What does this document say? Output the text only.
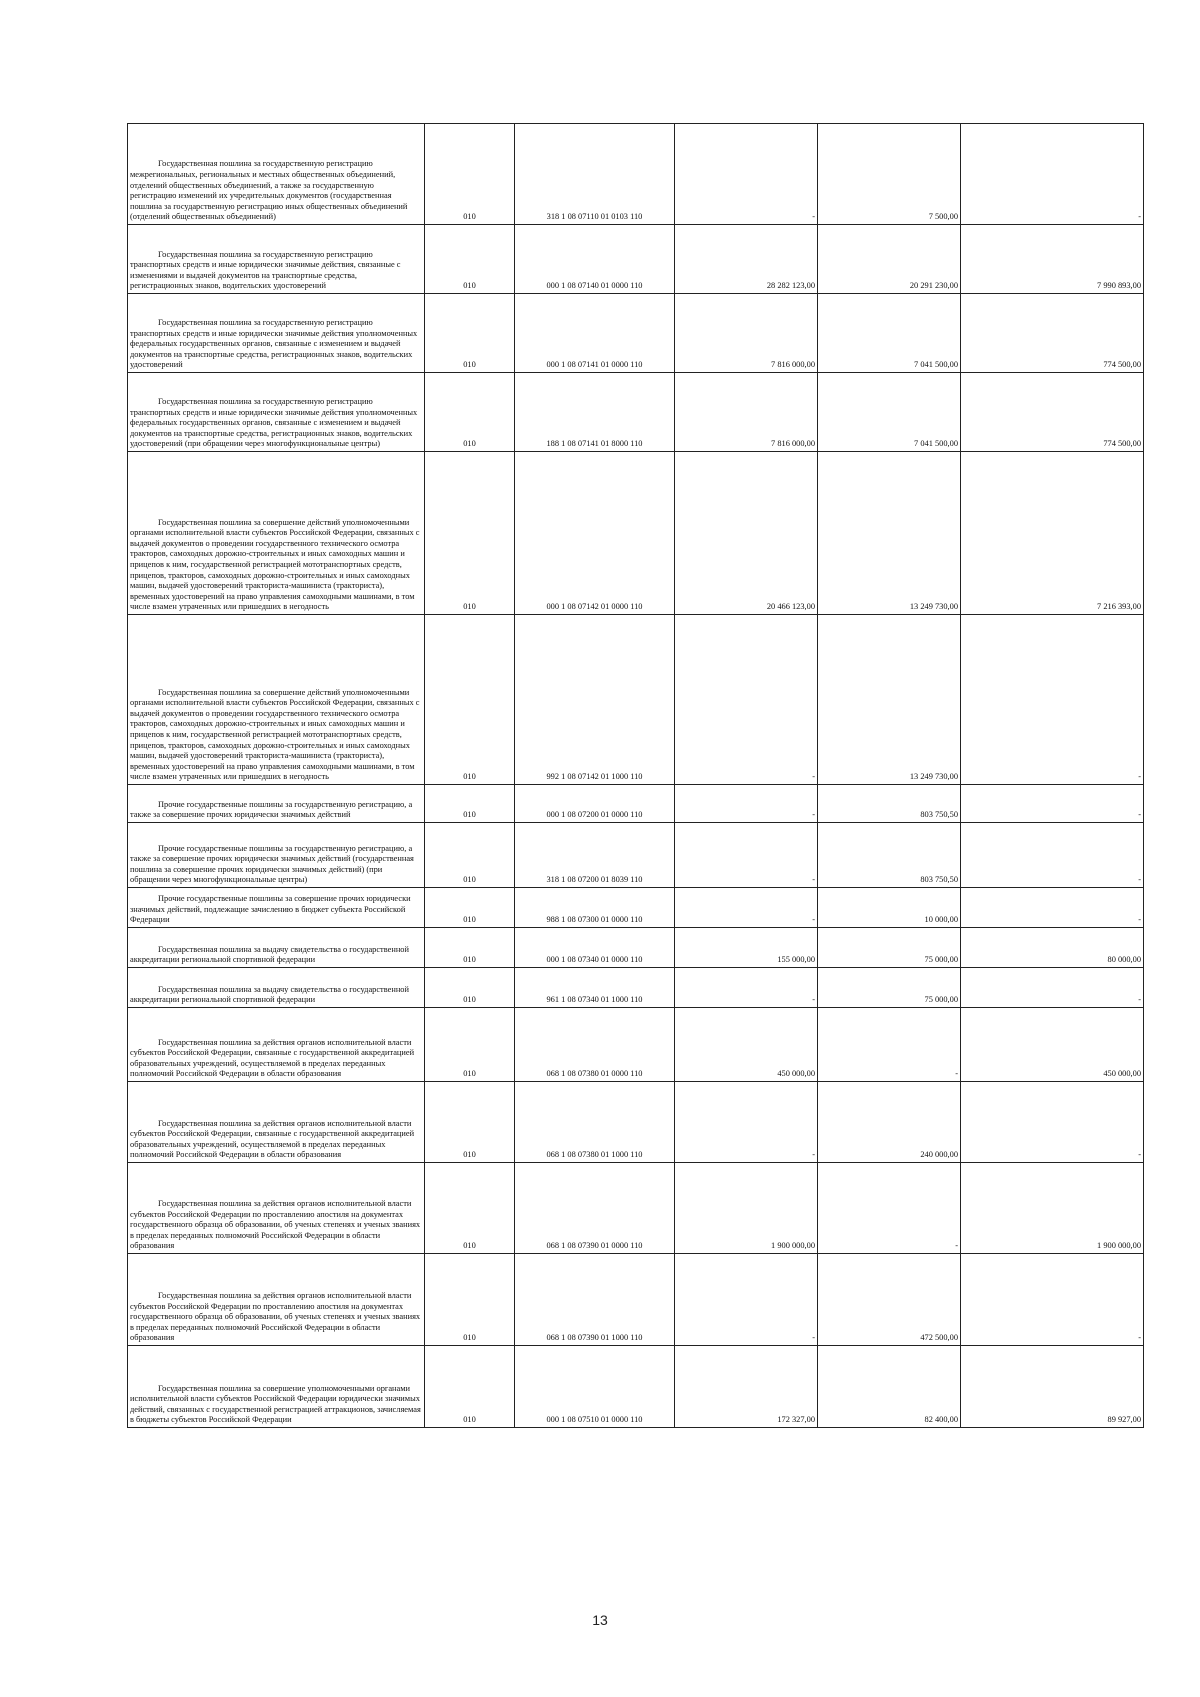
Государственная пошлина за государственную регистрацию межрегиональных, региональных и местных общественных объединений, отделений общественных объединений, а также за государственную регистрацию изменений их учредительных документов (государственная пошлина за государственную регистрацию иных общественных объединений (отделений общественных объединений)	010	318 1 08 07110 01 0103 110	-	7 500,00	-

Государственная пошлина за государственную регистрацию транспортных средств и иные юридически значимые действия, связанные с изменениями и выдачей документов на транспортные средства, регистрационных знаков, водительских удостоверений	010	000 1 08 07140 01 0000 110	28 282 123,00	20 291 230,00	7 990 893,00

Государственная пошлина за государственную регистрацию транспортных средств и иные юридически значимые действия уполномоченных федеральных государственных органов, связанные с изменением и выдачей документов на транспортные средства, регистрационных знаков, водительских удостоверений	010	000 1 08 07141 01 0000 110	7 816 000,00	7 041 500,00	774 500,00

Государственная пошлина за государственную регистрацию транспортных средств и иные юридически значимые действия уполномоченных федеральных государственных органов, связанные с изменением и выдачей документов на транспортные средства, регистрационных знаков, водительских удостоверений (при обращении через многофункциональные центры)	010	188 1 08 07141 01 8000 110	7 816 000,00	7 041 500,00	774 500,00

Государственная пошлина за совершение действий уполномоченными органами исполнительной власти субъектов Российской Федерации, связанных с выдачей документов о проведении государственного технического осмотра тракторов, самоходных дорожно-строительных и иных самоходных машин и прицепов к ним, государственной регистрацией мототранспортных средств, прицепов, тракторов, самоходных дорожно-строительных и иных самоходных машин, выдачей удостоверений тракториста-машиниста (тракториста), временных удостоверений на право управления самоходными машинами, в том числе взамен утраченных или пришедших в негодность	010	000 1 08 07142 01 0000 110	20 466 123,00	13 249 730,00	7 216 393,00

Государственная пошлина за совершение действий уполномоченными органами исполнительной власти субъектов Российской Федерации, связанных с выдачей документов о проведении государственного технического осмотра тракторов, самоходных дорожно-строительных и иных самоходных машин и прицепов к ним, государственной регистрацией мототранспортных средств, прицепов, тракторов, самоходных дорожно-строительных и иных самоходных машин, выдачей удостоверений тракториста-машиниста (тракториста), временных удостоверений на право управления самоходными машинами, в том числе взамен утраченных или пришедших в негодность	010	992 1 08 07142 01 1000 110	-	13 249 730,00	-

Прочие государственные пошлины за государственную регистрацию, а также за совершение прочих юридически значимых действий	010	000 1 08 07200 01 0000 110	-	803 750,50	-

Прочие государственные пошлины за государственную регистрацию, а также за совершение прочих юридически значимых действий (государственная пошлина за совершение прочих юридически значимых действий) (при обращении через многофункциональные центры)	010	318 1 08 07200 01 8039 110	-	803 750,50	-

Прочие государственные пошлины за совершение прочих юридически значимых действий, подлежащие зачислению в бюджет субъекта Российской Федерации	010	988 1 08 07300 01 0000 110	-	10 000,00	-

Государственная пошлина за выдачу свидетельства о государственной аккредитации региональной спортивной федерации	010	000 1 08 07340 01 0000 110	155 000,00	75 000,00	80 000,00

Государственная пошлина за выдачу свидетельства о государственной аккредитации региональной спортивной федерации	010	961 1 08 07340 01 1000 110	-	75 000,00	-

Государственная пошлина за действия органов исполнительной власти субъектов Российской Федерации, связанные с государственной аккредитацией образовательных учреждений, осуществляемой в пределах переданных полномочий Российской Федерации в области образования	010	068 1 08 07380 01 0000 110	450 000,00	-	450 000,00

Государственная пошлина за действия органов исполнительной власти субъектов Российской Федерации, связанные с государственной аккредитацией образовательных учреждений, осуществляемой в пределах переданных полномочий Российской Федерации в области образования	010	068 1 08 07380 01 1000 110	-	240 000,00	-

Государственная пошлина за действия органов исполнительной власти субъектов Российской Федерации по проставлению апостиля на документах государственного образца об образовании, об ученых степенях и ученых званиях в пределах переданных полномочий Российской Федерации в области образования	010	068 1 08 07390 01 0000 110	1 900 000,00	-	1 900 000,00

Государственная пошлина за действия органов исполнительной власти субъектов Российской Федерации по проставлению апостиля на документах государственного образца об образовании, об ученых степенях и ученых званиях в пределах переданных полномочий Российской Федерации в области образования	010	068 1 08 07390 01 1000 110	-	472 500,00	-

Государственная пошлина за совершение уполномоченными органами исполнительной власти субъектов Российской Федерации юридически значимых действий, связанных с государственной регистрацией аттракционов, зачисляемая в бюджеты субъектов Российской Федерации	010	000 1 08 07510 01 0000 110	172 327,00	82 400,00	89 927,00
13
